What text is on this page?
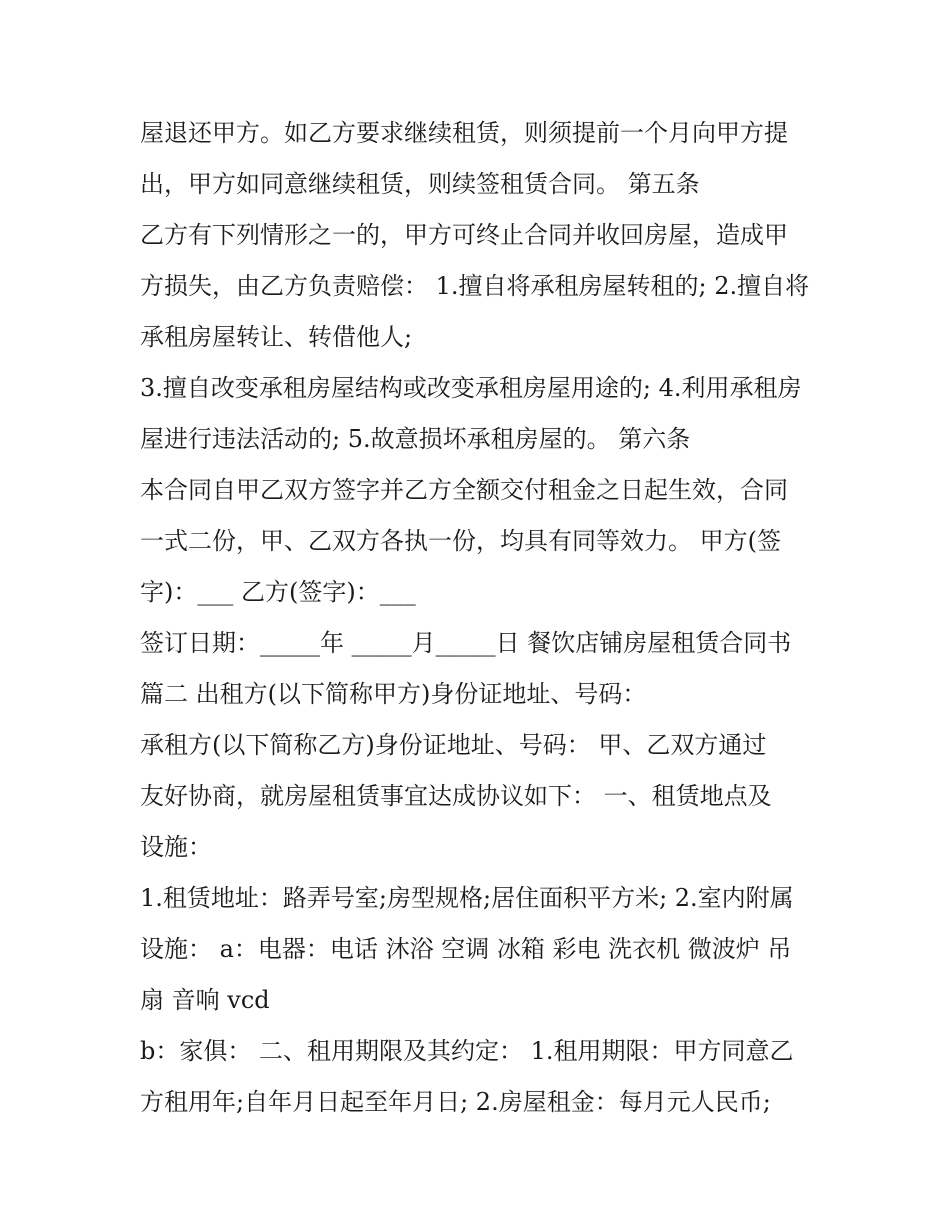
屋退还甲方。如乙方要求继续租赁，则须提前一个月向甲方提
出，甲方如同意继续租赁，则续签租赁合同。 第五条
乙方有下列情形之一的，甲方可终止合同并收回房屋，造成甲
方损失，由乙方负责赔偿： 1.擅自将承租房屋转租的; 2.擅自将
承租房屋转让、转借他人;
3.擅自改变承租房屋结构或改变承租房屋用途的; 4.利用承租房
屋进行违法活动的; 5.故意损坏承租房屋的。 第六条
本合同自甲乙双方签字并乙方全额交付租金之日起生效，合同
一式二份，甲、乙双方各执一份，均具有同等效力。 甲方(签
字)：___ 乙方(签字)：___
签订日期：_____年 _____月_____日 餐饮店铺房屋租赁合同书
篇二 出租方(以下简称甲方)身份证地址、号码：
承租方(以下简称乙方)身份证地址、号码： 甲、乙双方通过
友好协商，就房屋租赁事宜达成协议如下： 一、租赁地点及
设施：
1.租赁地址：路弄号室;房型规格;居住面积平方米; 2.室内附属
设施： a：电器：电话 沐浴 空调 冰箱 彩电 洗衣机 微波炉 吊
扇 音响 vcd
b：家俱： 二、租用期限及其约定： 1.租用期限：甲方同意乙
方租用年;自年月日起至年月日; 2.房屋租金：每月元人民币;
